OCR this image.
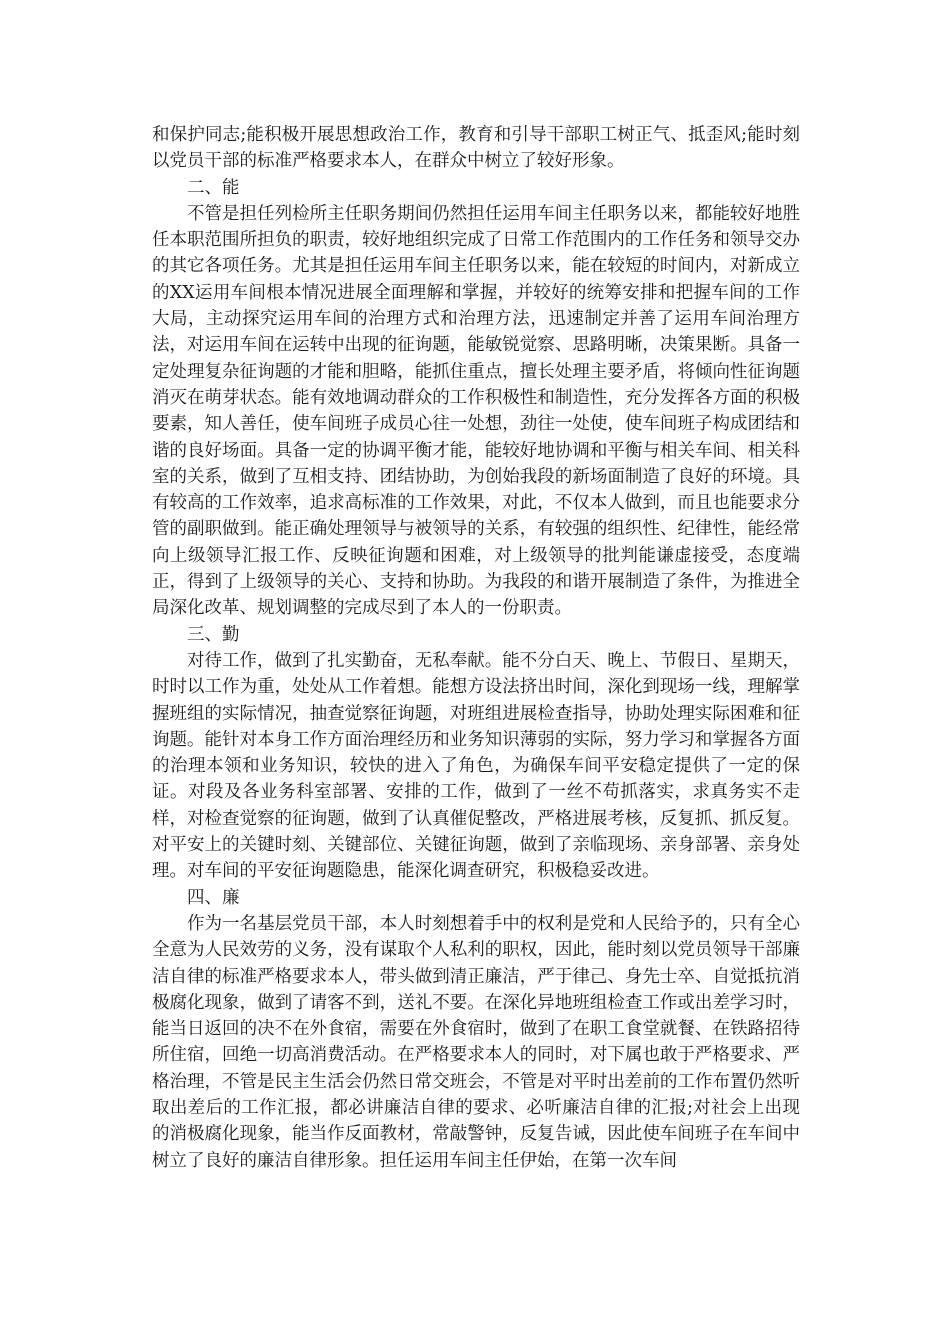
和保护同志;能积极开展思想政治工作，教育和引导干部职工树正气、抵歪风;能时刻以党员干部的标准严格要求本人，在群众中树立了较好形象。

二、能

不管是担任列检所主任职务期间仍然担任运用车间主任职务以来，都能较好地胜任本职范围所担负的职责，较好地组织完成了日常工作范围内的工作任务和领导交办的其它各项任务。尤其是担任运用车间主任职务以来，能在较短的时间内，对新成立的XX运用车间根本情况进展全面理解和掌握，并较好的统筹安排和把握车间的工作大局，主动探究运用车间的治理方式和治理方法，迅速制定并善了运用车间治理方法，对运用车间在运转中出现的征询题，能敏锐觉察、思路明晰，决策果断。具备一定处理复杂征询题的才能和胆略，能抓住重点，擅长处理主要矛盾，将倾向性征询题消灭在萌芽状态。能有效地调动群众的工作积极性和制造性，充分发挥各方面的积极要素，知人善任，使车间班子成员心往一处想，劲往一处使，使车间班子构成团结和谐的良好场面。具备一定的协调平衡才能，能较好地协调和平衡与相关车间、相关科室的关系，做到了互相支持、团结协助，为创始我段的新场面制造了良好的环境。具有较高的工作效率，追求高标准的工作效果，对此，不仅本人做到，而且也能要求分管的副职做到。能正确处理领导与被领导的关系，有较强的组织性、纪律性，能经常向上级领导汇报工作、反映征询题和困难，对上级领导的批判能谦虚接受，态度端正，得到了上级领导的关心、支持和协助。为我段的和谐开展制造了条件，为推进全局深化改革、规划调整的完成尽到了本人的一份职责。

三、勤

对待工作，做到了扎实勤奋，无私奉献。能不分白天、晚上、节假日、星期天，时时以工作为重，处处从工作着想。能想方设法挤出时间，深化到现场一线，理解掌握班组的实际情况，抽查觉察征询题，对班组进展检查指导，协助处理实际困难和征询题。能针对本身工作方面治理经历和业务知识薄弱的实际，努力学习和掌握各方面的治理本领和业务知识，较快的进入了角色，为确保车间平安稳定提供了一定的保证。对段及各业务科室部署、安排的工作，做到了一丝不苟抓落实，求真务实不走样，对检查觉察的征询题，做到了认真催促整改，严格进展考核，反复抓、抓反复。对平安上的关键时刻、关键部位、关键征询题，做到了亲临现场、亲身部署、亲身处理。对车间的平安征询题隐患，能深化调查研究，积极稳妥改进。

四、廉

作为一名基层党员干部，本人时刻想着手中的权利是党和人民给予的，只有全心全意为人民效劳的义务，没有谋取个人私利的职权，因此，能时刻以党员领导干部廉洁自律的标准严格要求本人，带头做到清正廉洁，严于律己、身先士卒、自觉抵抗消极腐化现象，做到了请客不到，送礼不要。在深化异地班组检查工作或出差学习时，能当日返回的决不在外食宿，需要在外食宿时，做到了在职工食堂就餐、在铁路招待所住宿，回绝一切高消费活动。在严格要求本人的同时，对下属也敢于严格要求、严格治理，不管是民主生活会仍然日常交班会，不管是对平时出差前的工作布置仍然听取出差后的工作汇报，都必讲廉洁自律的要求、必听廉洁自律的汇报;对社会上出现的消极腐化现象，能当作反面教材，常敲警钟，反复告诫，因此使车间班子在车间中树立了良好的廉洁自律形象。担任运用车间主任伊始，在第一次车间
